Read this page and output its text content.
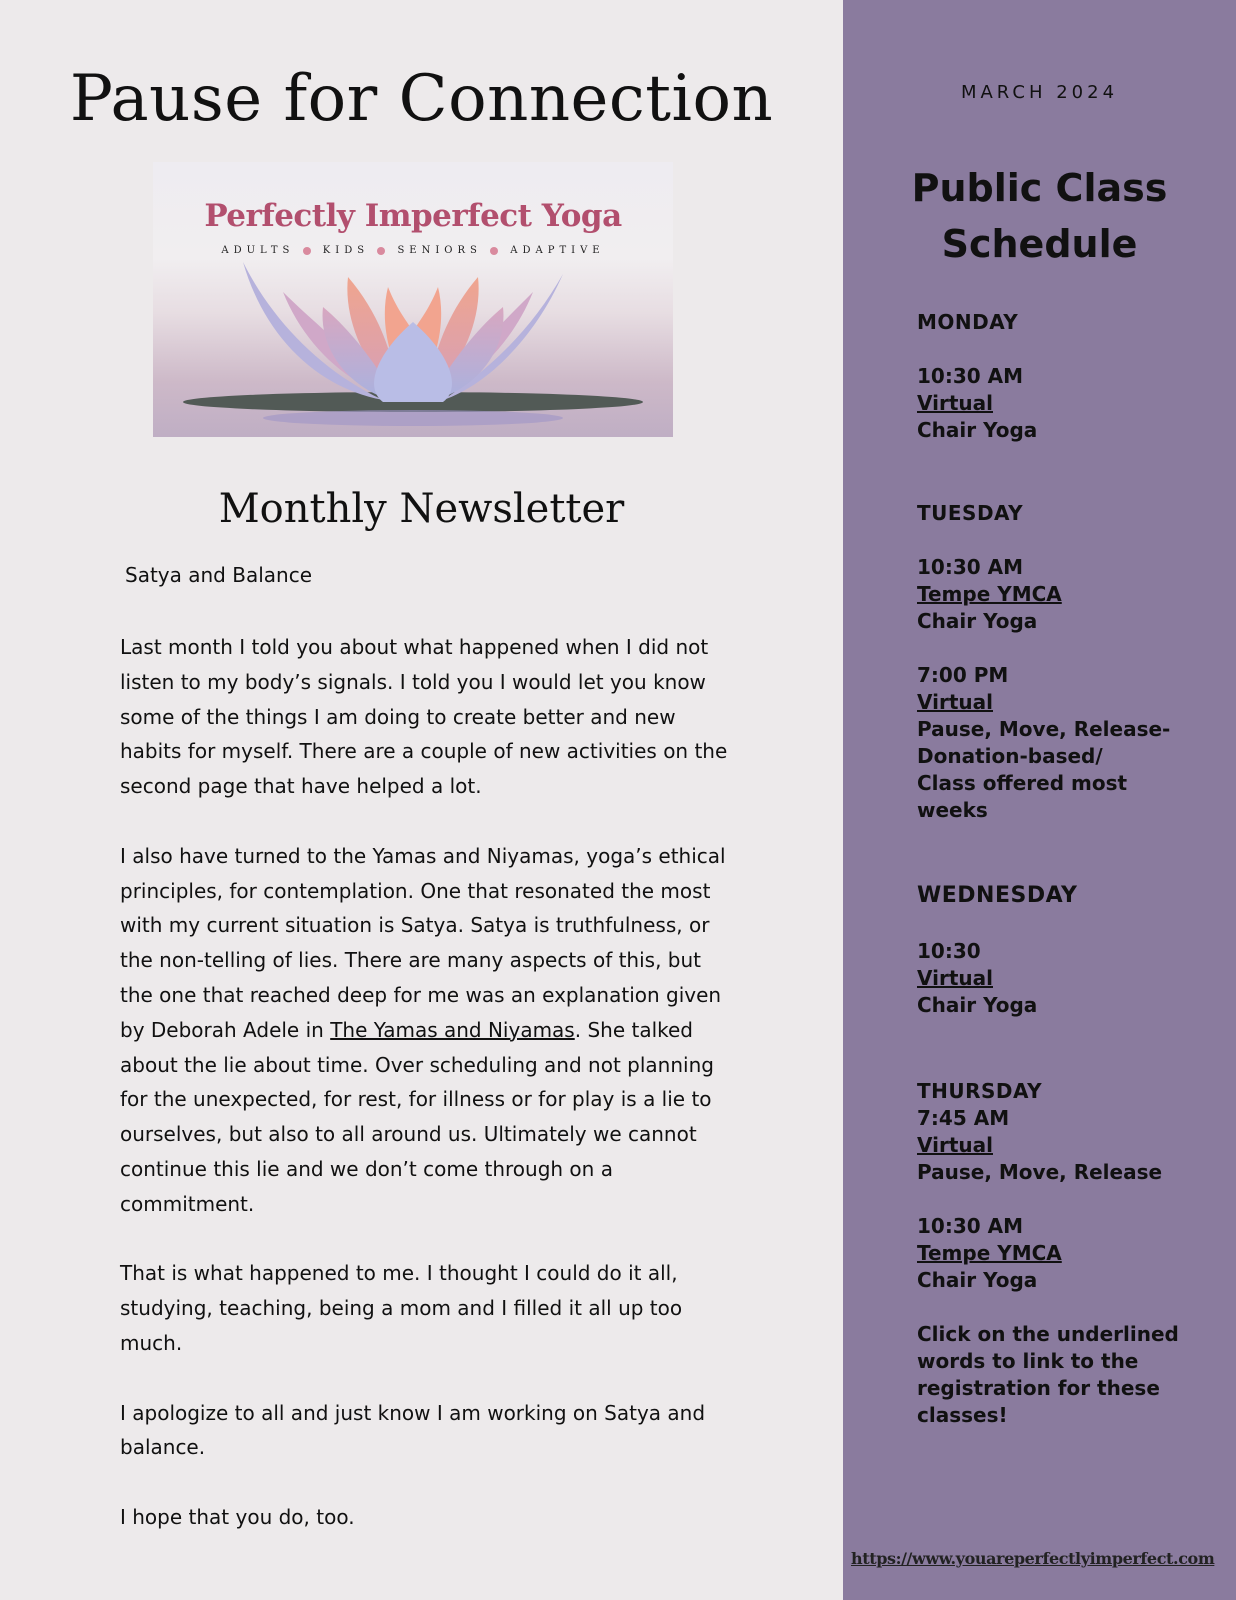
Pause for Connection
Perfectly Imperfect Yoga
ADULTS	KIDS	SENIORS	ADAPTIVE
Monthly Newsletter
Satya and Balance

Last month I told you about what happened when I did not listen to my body’s signals. I told you I would let you know some of the things I am doing to create better and new habits for myself. There are a couple of new activities on the second page that have helped a lot.

I also have turned to the Yamas and Niyamas, yoga’s ethical principles, for contemplation. One that resonated the most with my current situation is Satya. Satya is truthfulness, or the non-telling of lies. There are many aspects of this, but the one that reached deep for me was an explanation given by Deborah Adele in The Yamas and Niyamas. She talked about the lie about time. Over scheduling and not planning for the unexpected, for rest, for illness or for play is a lie to ourselves, but also to all around us. Ultimately we cannot continue this lie and we don’t come through on a commitment.

That is what happened to me. I thought I could do it all, studying, teaching, being a mom and I filled it all up too much.

I apologize to all and just know I am working on Satya and balance.

I hope that you do, too.

MARCH 2024
Public Class
Schedule
MONDAY
10:30 AM
Virtual
Chair Yoga
TUESDAY
10:30 AM
Tempe YMCA
Chair Yoga
7:00 PM
Virtual
Pause, Move, Release-
Donation-based/
Class offered most
weeks
WEDNESDAY
10:30
Virtual
Chair Yoga
THURSDAY
7:45 AM
Virtual
Pause, Move, Release
10:30 AM
Tempe YMCA
Chair Yoga
Click on the underlined
words to link to the
registration for these
classes!
https://www.youareperfectlyimperfect.com
